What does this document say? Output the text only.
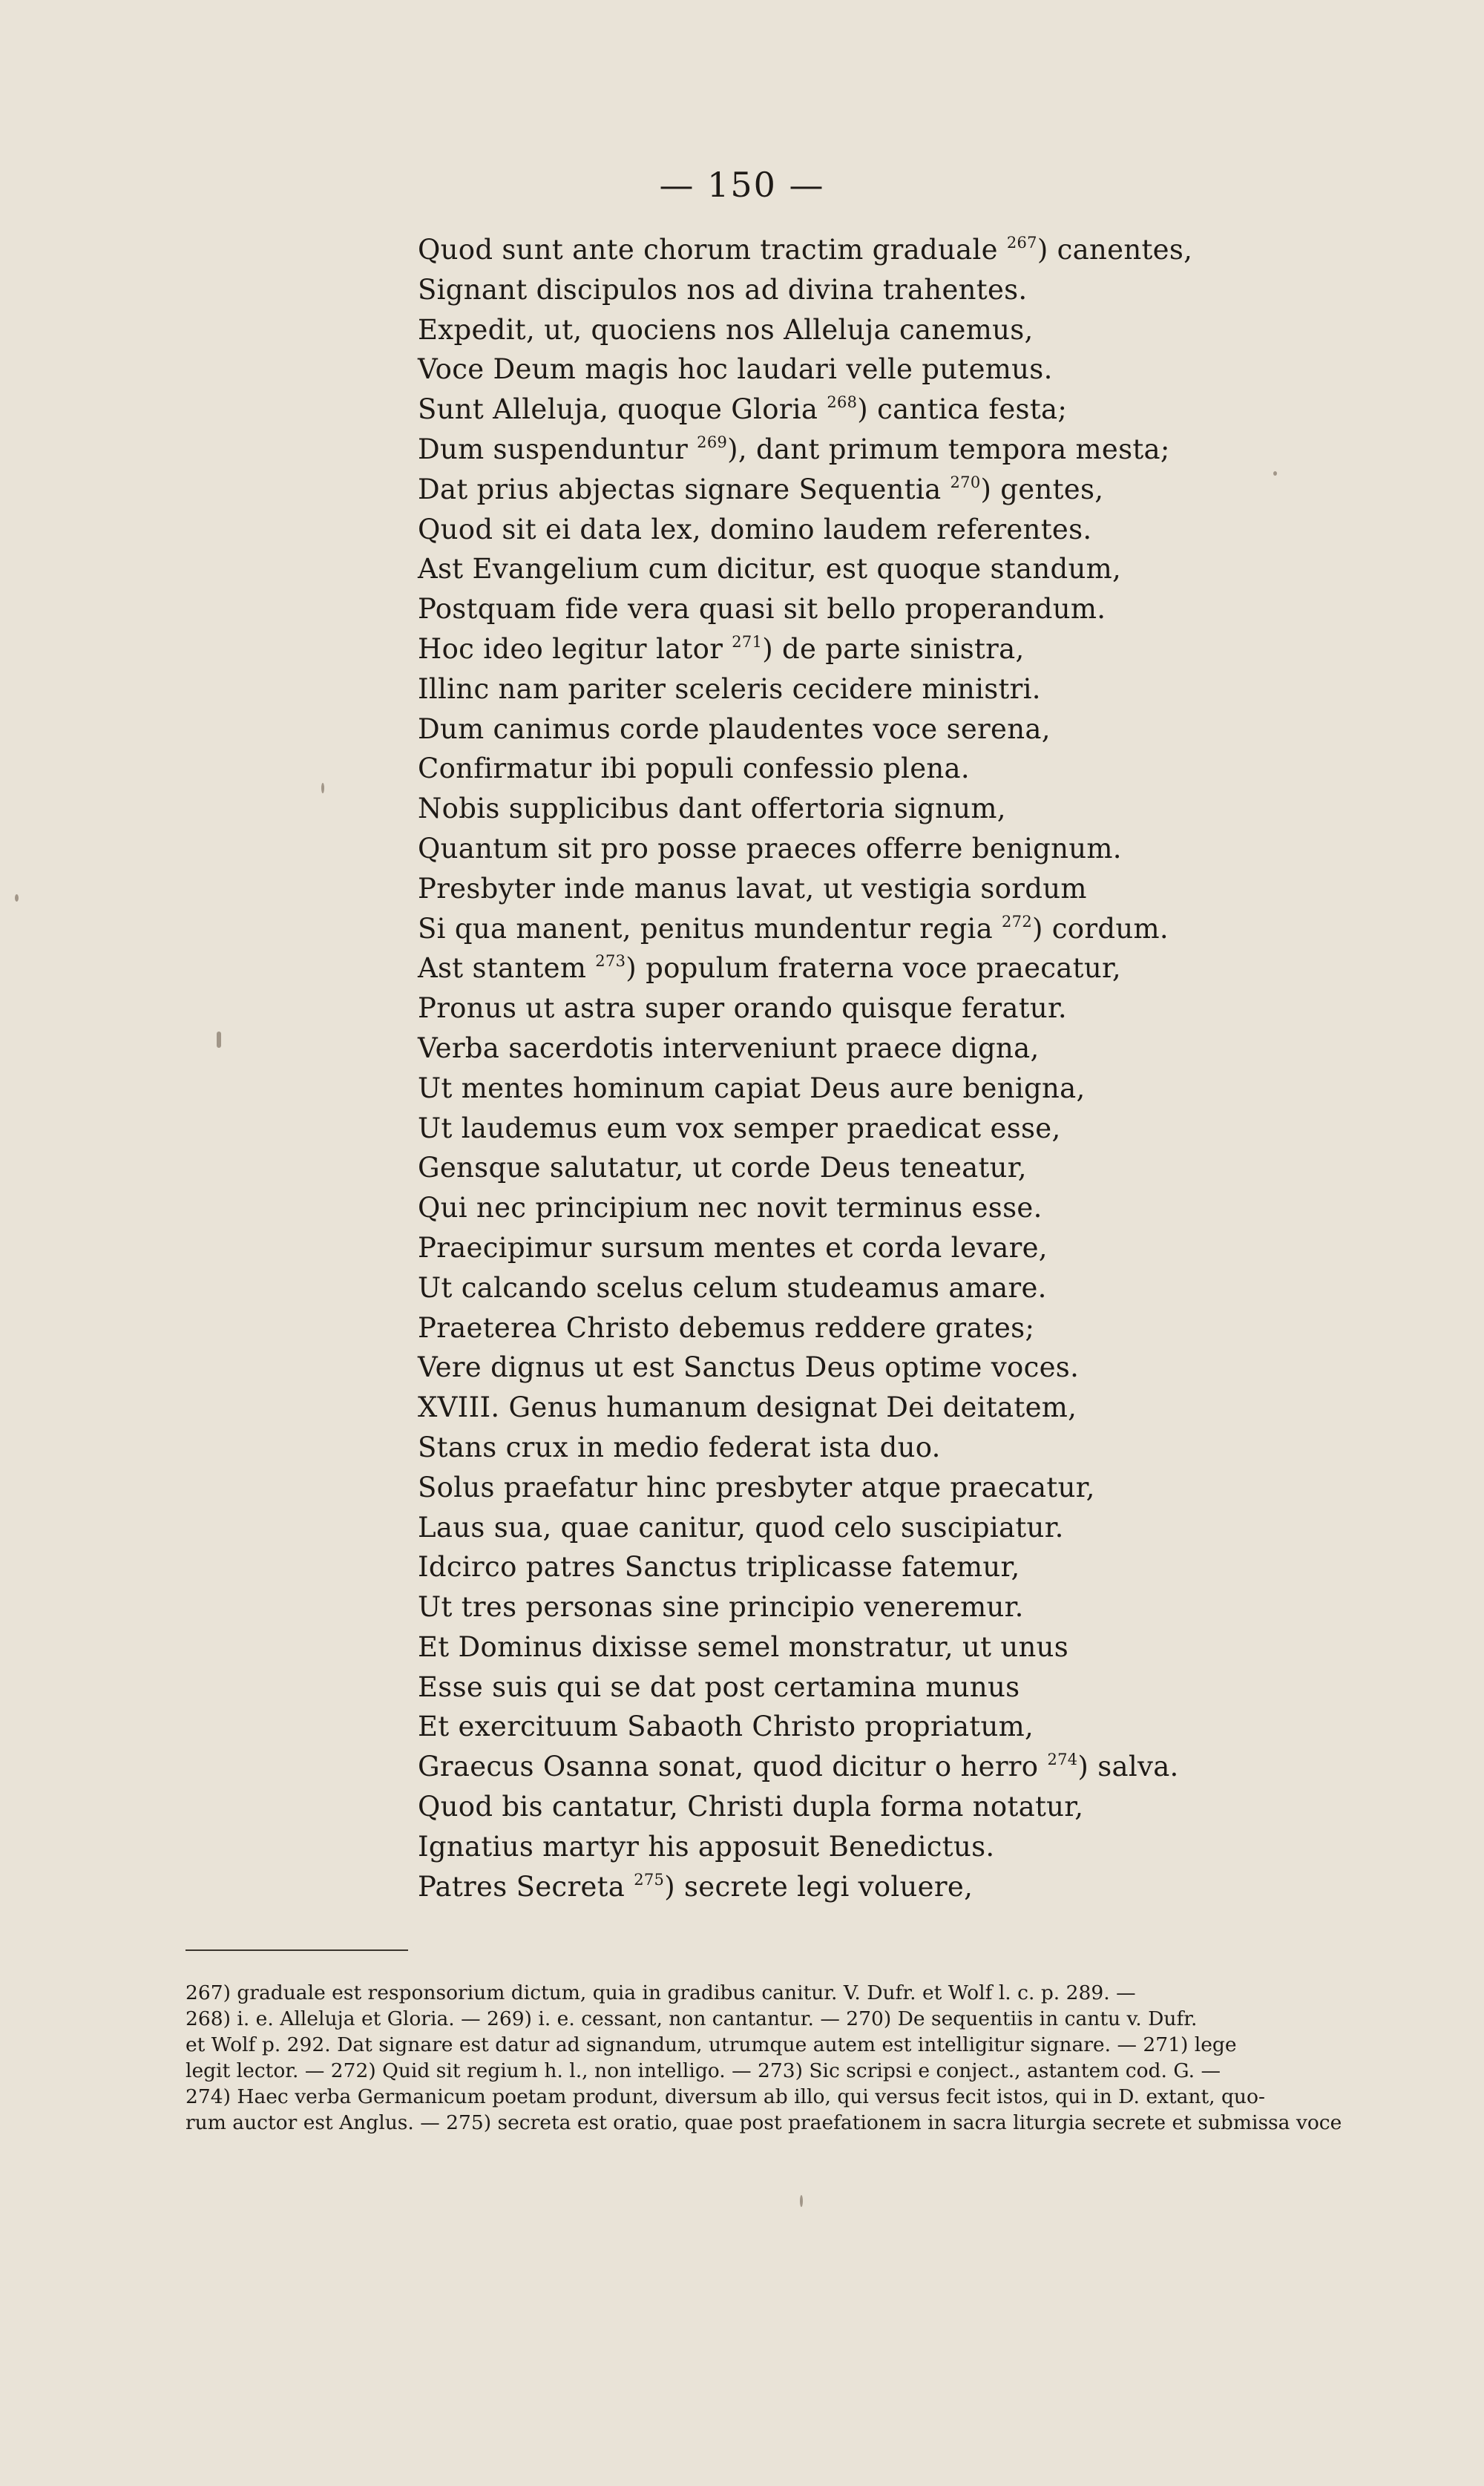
— 150 —
Quod sunt ante chorum tractim graduale $^{267}$) canentes,
Signant discipulos nos ad divina trahentes.
Expedit, ut, quociens nos Alleluja canemus,
Voce Deum magis hoc laudari velle putemus.
Sunt Alleluja, quoque Gloria $^{268}$) cantica festa;
Dum suspenduntur $^{269}$), dant primum tempora mesta;
Dat prius abjectas signare Sequentia $^{270}$) gentes,
Quod sit ei data lex, domino laudem referentes.
Ast Evangelium cum dicitur, est quoque standum,
Postquam fide vera quasi sit bello properandum.
Hoc ideo legitur lator $^{271}$) de parte sinistra,
Illinc nam pariter sceleris cecidere ministri.
Dum canimus corde plaudentes voce serena,
Confirmatur ibi populi confessio plena.
Nobis supplicibus dant offertoria signum,
Quantum sit pro posse praeces offerre benignum.
Presbyter inde manus lavat, ut vestigia sordum
Si qua manent, penitus mundentur regia $^{272}$) cordum.
Ast stantem $^{273}$) populum fraterna voce praecatur,
Pronus ut astra super orando quisque feratur.
Verba sacerdotis interveniunt praece digna,
Ut mentes hominum capiat Deus aure benigna,
Ut laudemus eum vox semper praedicat esse,
Gensque salutatur, ut corde Deus teneatur,
Qui nec principium nec novit terminus esse.
Praecipimur sursum mentes et corda levare,
Ut calcando scelus celum studeamus amare.
Praeterea Christo debemus reddere grates;
Vere dignus ut est Sanctus Deus optime voces.
XVIII. Genus humanum designat Dei deitatem,
Stans crux in medio federat ista duo.
Solus praefatur hinc presbyter atque praecatur,
Laus sua, quae canitur, quod celo suscipiatur.
Idcirco patres Sanctus triplicasse fatemur,
Ut tres personas sine principio veneremur.
Et Dominus dixisse semel monstratur, ut unus
Esse suis qui se dat post certamina munus
Et exercituum Sabaoth Christo propriatum,
Graecus Osanna sonat, quod dicitur o herro $^{274}$) salva.
Quod bis cantatur, Christi dupla forma notatur,
Ignatius martyr his apposuit Benedictus.
Patres Secreta $^{275}$) secrete legi voluere,
267) graduale est responsorium dictum, quia in gradibus canitur. V. Dufr. et Wolf l. c. p. 289. —
268) i. e. Alleluja et Gloria. — 269) i. e. cessant, non cantantur. — 270) De sequentiis in cantu v. Dufr.
et Wolf p. 292. Dat signare est datur ad signandum, utrumque autem est intelligitur signare. — 271) lege
legit lector. — 272) Quid sit regium h. l., non intelligo. — 273) Sic scripsi e conject., astantem cod. G. —
274) Haec verba Germanicum poetam produnt, diversum ab illo, qui versus fecit istos, qui in D. extant, quo-
rum auctor est Anglus. — 275) secreta est oratio, quae post praefationem in sacra liturgia secrete et submissa voce
